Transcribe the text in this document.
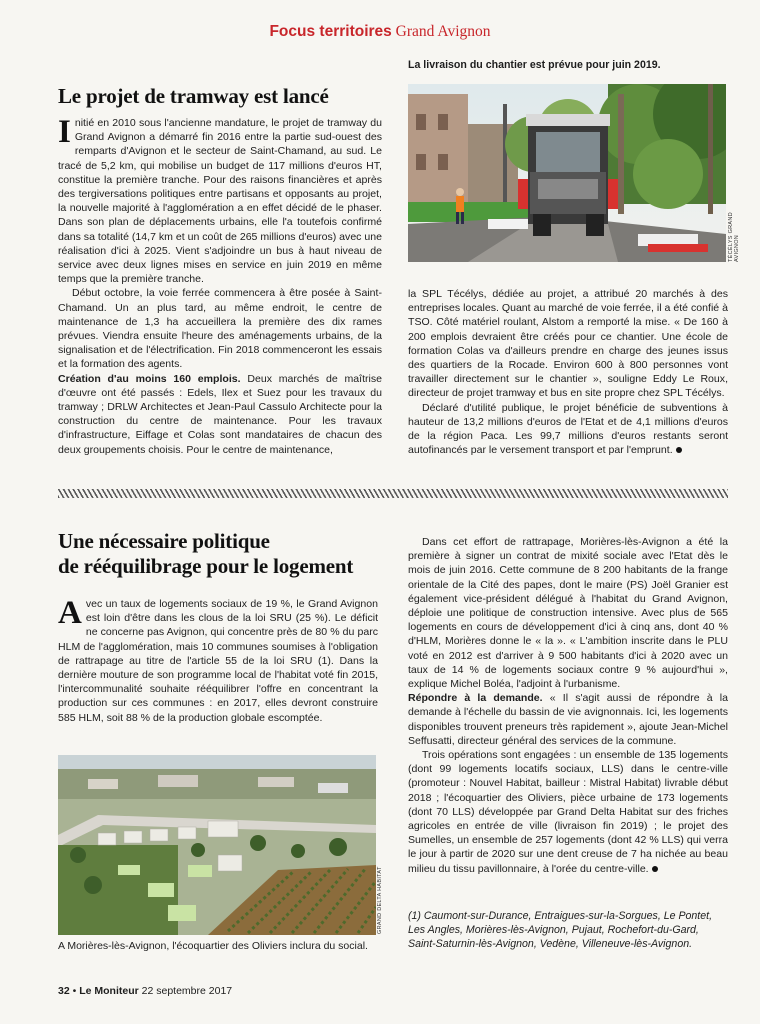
Focus territoires Grand Avignon
Le projet de tramway est lancé
La livraison du chantier est prévue pour juin 2019.
TÉCÉLYS GRAND AVIGNON

Initié en 2010 sous l'ancienne mandature, le projet de tramway du Grand Avignon a démarré fin 2016 entre la partie sud-ouest des remparts d'Avignon et le secteur de Saint-Chamand, au sud. Le tracé de 5,2 km, qui mobilise un budget de 117 millions d'euros HT, constitue la première tranche. Pour des raisons financières et après des tergiversations politiques entre partisans et opposants au projet, la nouvelle majorité à l'agglomération a en effet décidé de le phaser. Dans son plan de déplacements urbains, elle l'a toutefois confirmé dans sa totalité (14,7 km et un coût de 265 millions d'euros) avec une réalisation d'ici à 2025. Vient s'adjoindre un bus à haut niveau de service avec deux lignes mises en service en juin 2019 en même temps que la première tranche.

Début octobre, la voie ferrée commencera à être posée à Saint-Chamand. Un an plus tard, au même endroit, le centre de maintenance de 1,3 ha accueillera la première des dix rames prévues. Viendra ensuite l'heure des aménagements urbains, de la signalisation et de l'électrification. Fin 2018 commenceront les essais et la formation des agents.

Création d'au moins 160 emplois. Deux marchés de maîtrise d'œuvre ont été passés : Edels, Ilex et Suez pour les travaux du tramway ; DRLW Architectes et Jean-Paul Cassulo Architecte pour la construction du centre de maintenance. Pour les travaux d'infrastructure, Eiffage et Colas sont mandataires de chacun des deux groupements choisis. Pour le centre de maintenance,

la SPL Técélys, dédiée au projet, a attribué 20 marchés à des entreprises locales. Quant au marché de voie ferrée, il a été confié à TSO. Côté matériel roulant, Alstom a remporté la mise. « De 160 à 200 emplois devraient être créés pour ce chantier. Une école de formation Colas va d'ailleurs prendre en charge des jeunes issus des quartiers de la Rocade. Environ 600 à 800 personnes vont travailler directement sur le chantier », souligne Eddy Le Roux, directeur de projet tramway et bus en site propre chez SPL Técélys.

Déclaré d'utilité publique, le projet bénéficie de subventions à hauteur de 13,2 millions d'euros de l'Etat et de 4,1 millions d'euros de la région Paca. Les 99,7 millions d'euros restants seront autofinancés par le versement transport et par l'emprunt.

Une nécessaire politique
de rééquilibrage pour le logement

Avec un taux de logements sociaux de 19 %, le Grand Avignon est loin d'être dans les clous de la loi SRU (25 %). Le déficit ne concerne pas Avignon, qui concentre près de 80 % du parc HLM de l'agglomération, mais 10 communes soumises à l'obligation de rattrapage au titre de l'article 55 de la loi SRU (1). Dans la dernière mouture de son programme local de l'habitat voté fin 2015, l'intercommunalité souhaite rééquilibrer l'offre en concentrant la production sur ces communes : en 2017, elles devront construire 585 HLM, soit 88 % de la production globale escomptée.

GRAND DELTA HABITAT
A Morières-lès-Avignon, l'écoquartier des Oliviers inclura du social.

Dans cet effort de rattrapage, Morières-lès-Avignon a été la première à signer un contrat de mixité sociale avec l'Etat dès le mois de juin 2016. Cette commune de 8 200 habitants de la frange orientale de la Cité des papes, dont le maire (PS) Joël Granier est également vice-président délégué à l'habitat du Grand Avignon, déploie une politique de construction intensive. Avec plus de 565 logements en cours de développement d'ici à cinq ans, dont 40 % d'HLM, Morières donne le « la ». « L'ambition inscrite dans le PLU voté en 2012 est d'arriver à 9 500 habitants d'ici à 2020 avec un taux de 14 % de logements sociaux contre 9 % aujourd'hui », explique Michel Boléa, l'adjoint à l'urbanisme.

Répondre à la demande. « Il s'agit aussi de répondre à la demande à l'échelle du bassin de vie avignonnais. Ici, les logements disponibles trouvent preneurs très rapidement », ajoute Jean-Michel Seffusatti, directeur général des services de la commune.

Trois opérations sont engagées : un ensemble de 135 logements (dont 99 logements locatifs sociaux, LLS) dans le centre-ville (promoteur : Nouvel Habitat, bailleur : Mistral Habitat) livrable début 2018 ; l'écoquartier des Oliviers, pièce urbaine de 173 logements (dont 70 LLS) développée par Grand Delta Habitat sur des friches agricoles en entrée de ville (livraison fin 2019) ; le projet des Sumelles, un ensemble de 257 logements (dont 42 % LLS) qui verra le jour à partir de 2020 sur une dent creuse de 7 ha nichée au beau milieu du tissu pavillonnaire, à l'orée du centre-ville.

(1) Caumont-sur-Durance, Entraigues-sur-la-Sorgues, Le Pontet, Les Angles, Morières-lès-Avignon, Pujaut, Rochefort-du-Gard, Saint-Saturnin-lès-Avignon, Vedène, Villeneuve-lès-Avignon.
32 • Le Moniteur 22 septembre 2017
